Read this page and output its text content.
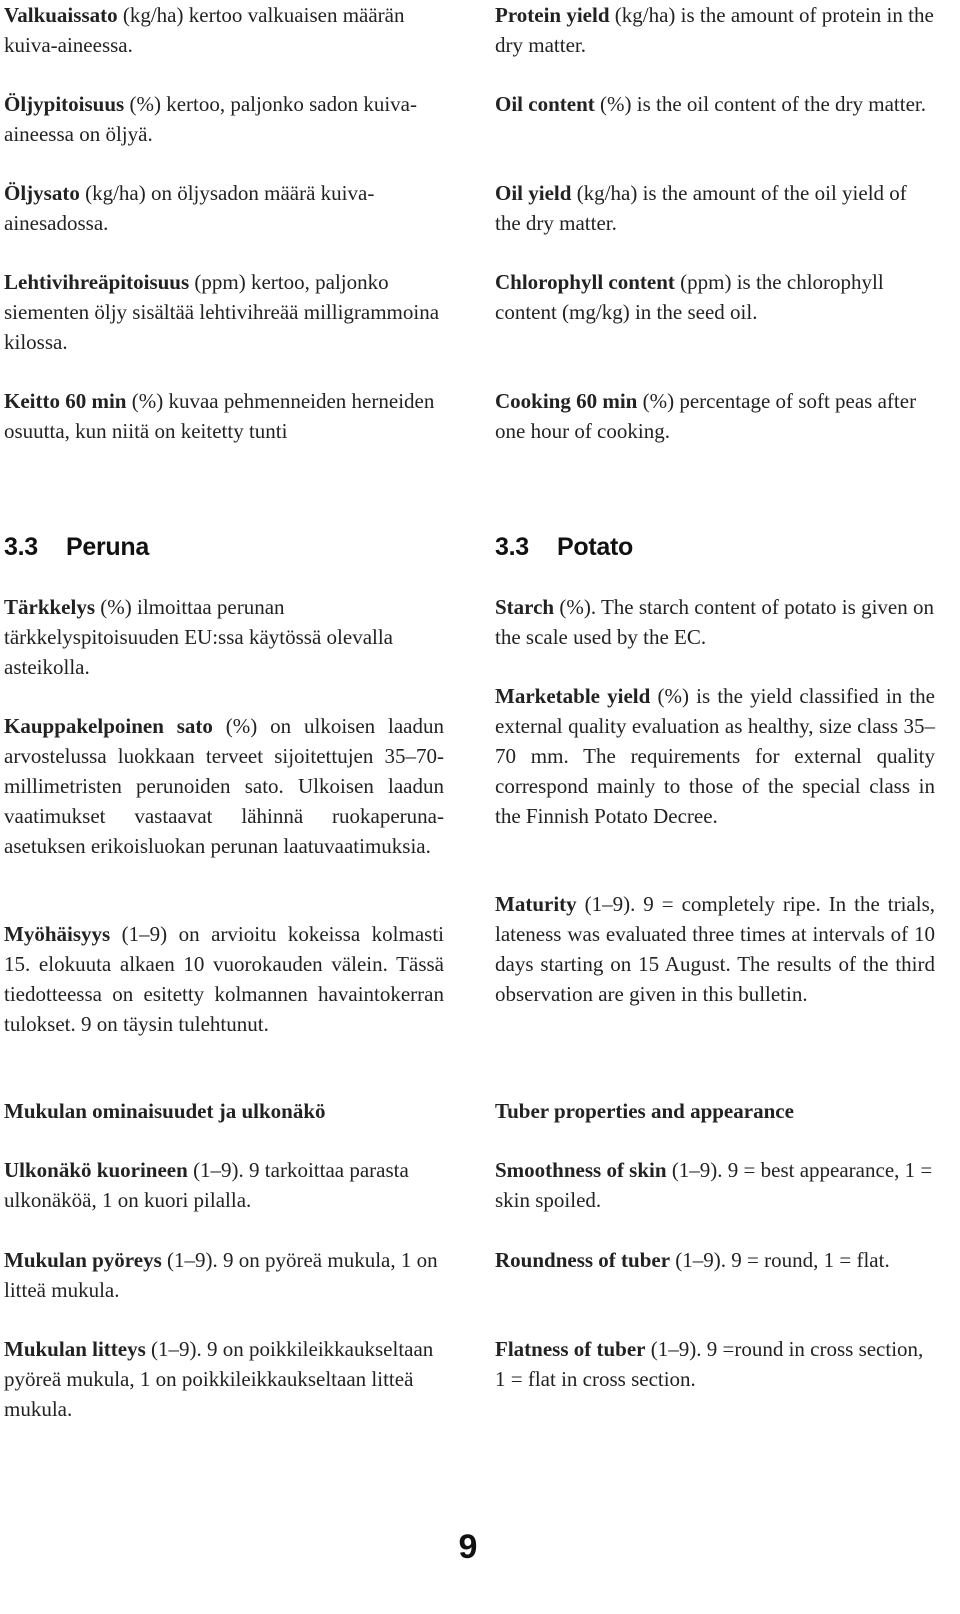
Valkuaissato (kg/ha) kertoo valkuaisen määrän kuiva-aineessa.

Öljypitoisuus (%) kertoo, paljonko sadon kuiva-aineessa on öljyä.

Öljysato (kg/ha) on öljysadon määrä kuiva-ainesadossa.

Lehtivihreäpitoisuus (ppm) kertoo, paljonko siementen öljy sisältää lehtivihreää milligrammoina kilossa.

Keitto 60 min (%) kuvaa pehmenneiden herneiden osuutta, kun niitä on keitetty tunti

3.3 Peruna

Tärkkelys (%) ilmoittaa perunan tärkkelyspitoisuuden EU:ssa käytössä olevalla asteikolla.

Kauppakelpoinen sato (%) on ulkoisen laadun arvostelussa luokkaan terveet sijoitettujen 35–70-millimetristen perunoiden sato. Ulkoisen laadun vaatimukset vastaavat lähinnä ruokaperuna-asetuksen erikoisluokan perunan laatuvaatimuksia.

Myöhäisyys (1–9) on arvioitu kokeissa kolmasti 15. elokuuta alkaen 10 vuorokauden välein. Tässä tiedotteessa on esitetty kolmannen havaintokerran tulokset. 9 on täysin tulehtunut.

Mukulan ominaisuudet ja ulkonäkö

Ulkonäkö kuorineen (1–9). 9 tarkoittaa parasta ulkonäköä, 1 on kuori pilalla.

Mukulan pyöreys (1–9). 9 on pyöreä mukula, 1 on litteä mukula.

Mukulan litteys (1–9). 9 on poikkileikkaukseltaan pyöreä mukula, 1 on poikkileikkaukseltaan litteä mukula.

Protein yield (kg/ha) is the amount of protein in the dry matter.

Oil content (%) is the oil content of the dry matter.

Oil yield (kg/ha) is the amount of the oil yield of the dry matter.

Chlorophyll content (ppm) is the chlorophyll content (mg/kg) in the seed oil.

Cooking 60 min (%) percentage of soft peas after one hour of cooking.

3.3 Potato

Starch (%). The starch content of potato is given on the scale used by the EC.

Marketable yield (%) is the yield classified in the external quality evaluation as healthy, size class 35–70 mm. The requirements for external quality correspond mainly to those of the special class in the Finnish Potato Decree.

Maturity (1–9). 9 = completely ripe. In the trials, lateness was evaluated three times at intervals of 10 days starting on 15 August. The results of the third observation are given in this bulletin.

Tuber properties and appearance

Smoothness of skin (1–9). 9 = best appearance, 1 = skin spoiled.

Roundness of tuber (1–9). 9 = round, 1 = flat.

Flatness of tuber (1–9). 9 =round in cross section, 1 = flat in cross section.

9
